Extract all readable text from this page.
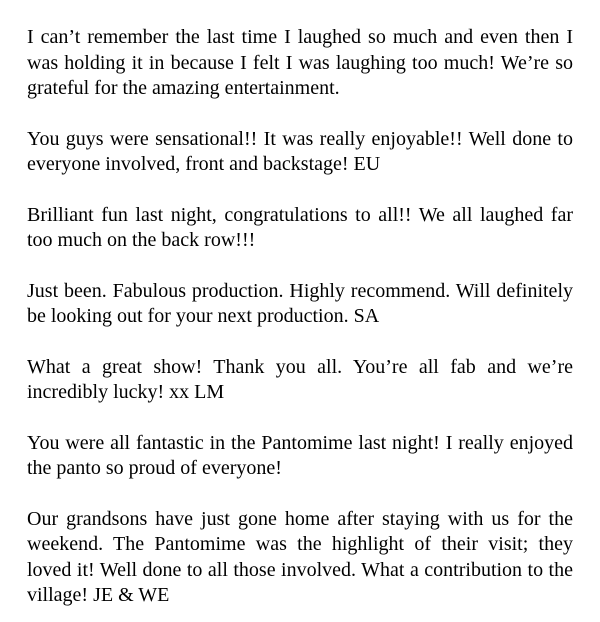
I can’t remember the last time I laughed so much and even then I was holding it in because I felt I was laughing too much! We’re so grateful for the amazing entertainment.

You guys were sensational!! It was really enjoyable!! Well done to everyone involved, front and backstage! EU

Brilliant fun last night, congratulations to all!! We all laughed far too much on the back row!!!

Just been. Fabulous production. Highly recommend. Will definitely be looking out for your next production. SA

What a great show! Thank you all. You’re all fab and we’re incredibly lucky! xx LM

You were all fantastic in the Pantomime last night! I really enjoyed the panto so proud of everyone!

Our grandsons have just gone home after staying with us for the weekend. The Pantomime was the highlight of their visit; they loved it! Well done to all those involved. What a contribution to the village! JE & WE
